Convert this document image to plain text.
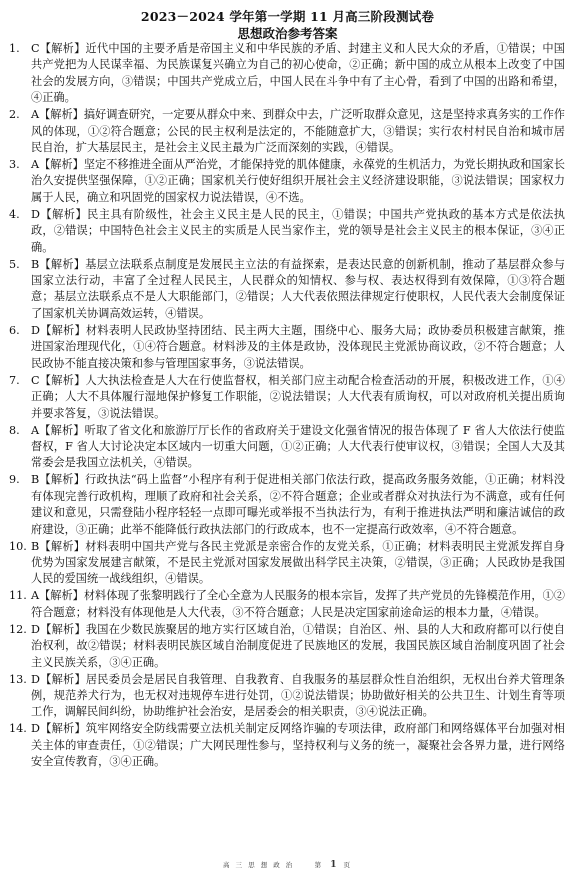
2023－2024 学年第一学期 11 月高三阶段测试卷
思想政治参考答案
1.	C【解析】近代中国的主要矛盾是帝国主义和中华民族的矛盾、封建主义和人民大众的矛盾，①错误；中国共产党把为人民谋幸福、为民族谋复兴确立为自己的初心使命，②正确；新中国的成立从根本上改变了中国社会的发展方向，③错误；中国共产党成立后，中国人民在斗争中有了主心骨，看到了中国的出路和希望，④正确。
2.	A【解析】搞好调查研究，一定要从群众中来、到群众中去，广泛听取群众意见，这是坚持求真务实的工作作风的体现，①②符合题意；公民的民主权利是法定的，不能随意扩大，③错误；实行农村村民自治和城市居民自治，扩大基层民主，是社会主义民主最为广泛而深刻的实践，④错误。
3.	A【解析】坚定不移推进全面从严治党，才能保持党的肌体健康，永葆党的生机活力，为党长期执政和国家长治久安提供坚强保障，①②正确；国家机关行使好组织开展社会主义经济建设职能，③说法错误；国家权力属于人民，确立和巩固党的国家权力说法错误，④不选。
4.	D【解析】民主具有阶级性，社会主义民主是人民的民主，①错误；中国共产党执政的基本方式是依法执政，②错误；中国特色社会主义民主的实质是人民当家作主，党的领导是社会主义民主的根本保证，③④正确。
5.	B【解析】基层立法联系点制度是发展民主立法的有益探索，是表达民意的创新机制，推动了基层群众参与国家立法行动，丰富了全过程人民民主，人民群众的知情权、参与权、表达权得到有效保障，①③符合题意；基层立法联系点不是人大职能部门，②错误；人大代表依照法律规定行使职权，人民代表大会制度保证了国家机关协调高效运转，④错误。
6.	D【解析】材料表明人民政协坚持团结、民主两大主题，围绕中心、服务大局；政协委员积极建言献策，推进国家治理现代化，①④符合题意。材料涉及的主体是政协，没体现民主党派协商议政，②不符合题意；人民政协不能直接决策和参与管理国家事务，③说法错误。
7.	C【解析】人大执法检查是人大在行使监督权，相关部门应主动配合检查活动的开展，积极改进工作，①④正确；人大不具体履行湿地保护修复工作职能，②说法错误；人大代表有质询权，可以对政府机关提出质询并要求答复，③说法错误。
8.	A【解析】听取了省文化和旅游厅厅长作的省政府关于建设文化强省情况的报告体现了 F 省人大依法行使监督权，F 省人大讨论决定本区域内一切重大问题，①②正确；人大代表行使审议权，③错误；全国人大及其常委会是我国立法机关，④错误。
9.	B【解析】行政执法“码上监督”小程序有利于促进相关部门依法行政，提高政务服务效能，①正确；材料没有体现完善行政机构，理顺了政府和社会关系，②不符合题意；企业或者群众对执法行为不满意，或有任何建议和意见，只需登陆小程序轻轻一点即可曝光或举报不当执法行为，有利于推进执法严明和廉洁诚信的政府建设，③正确；此举不能降低行政执法部门的行政成本，也不一定提高行政效率，④不符合题意。
10. B【解析】材料表明中国共产党与各民主党派是亲密合作的友党关系，①正确；材料表明民主党派发挥自身优势为国家发展建言献策，不是民主党派对国家发展做出科学民主决策，②错误，③正确；人民政协是我国人民的爱国统一战线组织，④错误。
11. A【解析】材料体现了张黎明践行了全心全意为人民服务的根本宗旨，发挥了共产党员的先锋模范作用，①②符合题意；材料没有体现他是人大代表，③不符合题意；人民是决定国家前途命运的根本力量，④错误。
12. D【解析】我国在少数民族聚居的地方实行区域自治，①错误；自治区、州、县的人大和政府都可以行使自治权利，故②错误；材料表明民族区域自治制度促进了民族地区的发展，我国民族区域自治制度巩固了社会主义民族关系，③④正确。
13. D【解析】居民委员会是居民自我管理、自我教育、自我服务的基层群众性自治组织，无权出台养犬管理条例，规范养犬行为，也无权对违规停车进行处罚，①②说法错误；协助做好相关的公共卫生、计划生育等项工作，调解民间纠纷，协助维护社会治安，是居委会的相关职责，③④说法正确。
14. D【解析】筑牢网络安全防线需要立法机关制定反网络诈骗的专项法律，政府部门和网络媒体平台加强对相关主体的审查责任，①②错误；广大网民理性参与，坚持权利与义务的统一，凝聚社会各界力量，进行网络安全宣传教育，③④正确。
高 三 思 想 政 治	第 1 页
